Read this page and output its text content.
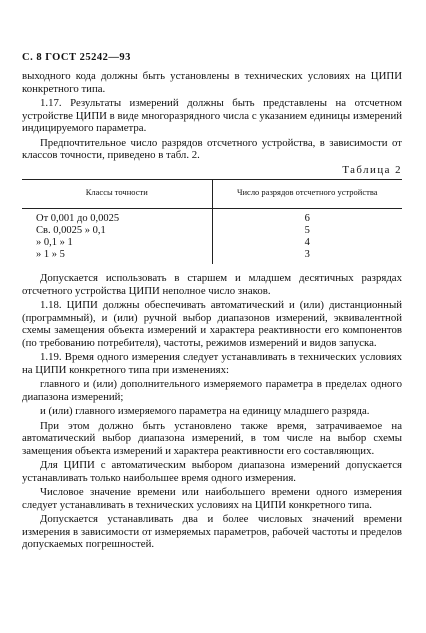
С. 8 ГОСТ 25242—93

выходного кода должны быть установлены в технических условиях на ЦИПИ конкретного типа.

1.17. Результаты измерений должны быть представлены на отсчетном устройстве ЦИПИ в виде многоразрядного числа с указанием единицы измерений индицируемого параметра.

Предпочтительное число разрядов отсчетного устройства, в зависимости от классов точности, приведено в табл. 2.

Таблица 2
Классы точности	Число разрядов отсчетного устройства
От 0,001 до 0,0025	6
Св. 0,0025 » 0,1	5
» 0,1 » 1	4
» 1 » 5	3

Допускается использовать в старшем и младшем десятичных разрядах отсчетного устройства ЦИПИ неполное число знаков.

1.18. ЦИПИ должны обеспечивать автоматический и (или) дистанционный (программный), и (или) ручной выбор диапазонов измерений, эквивалентной схемы замещения объекта измерений и характера реактивности его компонентов (по требованию потребителя), частоты, режимов измерений и видов запуска.

1.19. Время одного измерения следует устанавливать в технических условиях на ЦИПИ конкретного типа при изменениях:

главного и (или) дополнительного измеряемого параметра в пределах одного диапазона измерений;

и (или) главного измеряемого параметра на единицу младшего разряда.

При этом должно быть установлено также время, затрачиваемое на автоматический выбор диапазона измерений, в том числе на выбор схемы замещения объекта измерений и характера реактивности его составляющих.

Для ЦИПИ с автоматическим выбором диапазона измерений допускается устанавливать только наибольшее время одного измерения.

Числовое значение времени или наибольшего времени одного измерения следует устанавливать в технических условиях на ЦИПИ конкретного типа.

Допускается устанавливать два и более числовых значений времени измерения в зависимости от измеряемых параметров, рабочей частоты и пределов допускаемых погрешностей.
